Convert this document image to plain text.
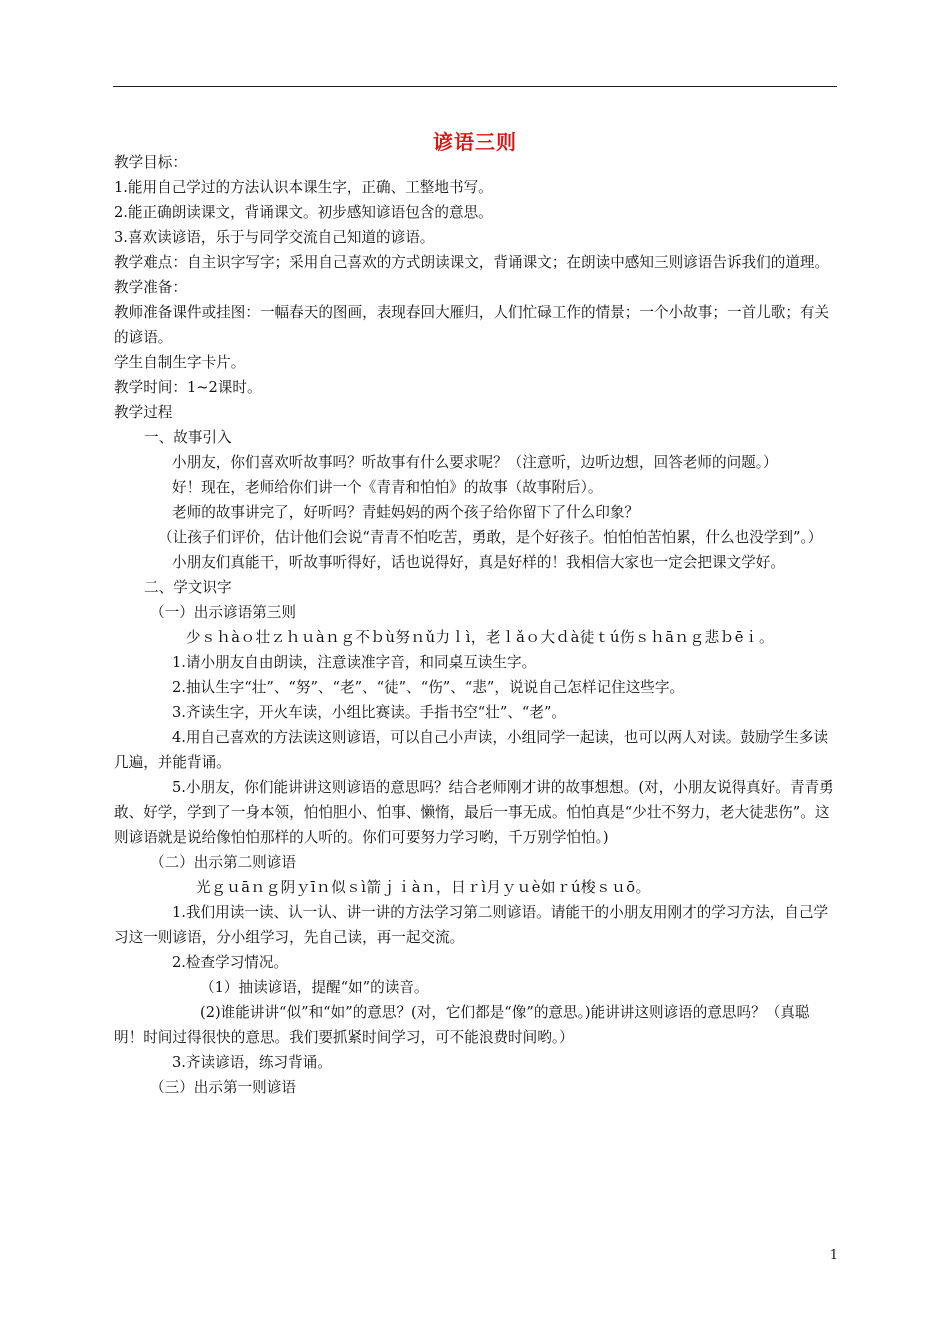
谚语三则

教学目标：

1.能用自己学过的方法认识本课生字，正确、工整地书写。

2.能正确朗读课文，背诵课文。初步感知谚语包含的意思。

3.喜欢读谚语，乐于与同学交流自己知道的谚语。

教学难点：自主识字写字；采用自己喜欢的方式朗读课文，背诵课文；在朗读中感知三则谚语告诉我们的道理。

教学准备：

教师准备课件或挂图：一幅春天的图画，表现春回大雁归，人们忙碌工作的情景；一个小故事；一首儿歌；有关的谚语。

学生自制生字卡片。

教学时间：1~2课时。

教学过程

一、故事引入

小朋友，你们喜欢听故事吗？听故事有什么要求呢？（注意听，边听边想，回答老师的问题。）

好！现在，老师给你们讲一个《青青和怕怕》的故事（故事附后）。

老师的故事讲完了，好听吗？青蛙妈妈的两个孩子给你留下了什么印象？

（让孩子们评价，估计他们会说“青青不怕吃苦，勇敢，是个好孩子。怕怕怕苦怕累，什么也没学到”。）

小朋友们真能干，听故事听得好，话也说得好，真是好样的！我相信大家也一定会把课文学好。

二、学文识字

（一）出示谚语第三则

少ｓｈàｏ壮ｚｈｕàｎｇ不ｂù努ｎǔ力ｌì，老ｌǎｏ大ｄà徒ｔú伤ｓｈāｎｇ悲ｂēｉ。

1.请小朋友自由朗读，注意读准字音，和同桌互读生字。

2.抽认生字“壮”、“努”、“老”、“徒”、“伤”、“悲”，说说自己怎样记住这些字。

3.齐读生字，开火车读，小组比赛读。手指书空“壮”、“老”。

4.用自己喜欢的方法读这则谚语，可以自己小声读，小组同学一起读，也可以两人对读。鼓励学生多读几遍，并能背诵。

5.小朋友，你们能讲讲这则谚语的意思吗？结合老师刚才讲的故事想想。(对，小朋友说得真好。青青勇敢、好学，学到了一身本领，怕怕胆小、怕事、懒惰，最后一事无成。怕怕真是“少壮不努力，老大徒悲伤”。这则谚语就是说给像怕怕那样的人听的。你们可要努力学习哟，千万别学怕怕。)

（二）出示第二则谚语

光ｇｕāｎｇ阴ｙīｎ似ｓì箭ｊｉàｎ，日ｒì月ｙｕè如ｒú梭ｓｕō。

1.我们用读一读、认一认、讲一讲的方法学习第二则谚语。请能干的小朋友用刚才的学习方法，自己学习这一则谚语，分小组学习，先自己读，再一起交流。

2.检查学习情况。

（1）抽读谚语，提醒“如”的读音。

(2)谁能讲讲“似”和“如”的意思？(对，它们都是“像”的意思。)能讲讲这则谚语的意思吗？（真聪明！时间过得很快的意思。我们要抓紧时间学习，可不能浪费时间哟。）

3.齐读谚语，练习背诵。

（三）出示第一则谚语

1
